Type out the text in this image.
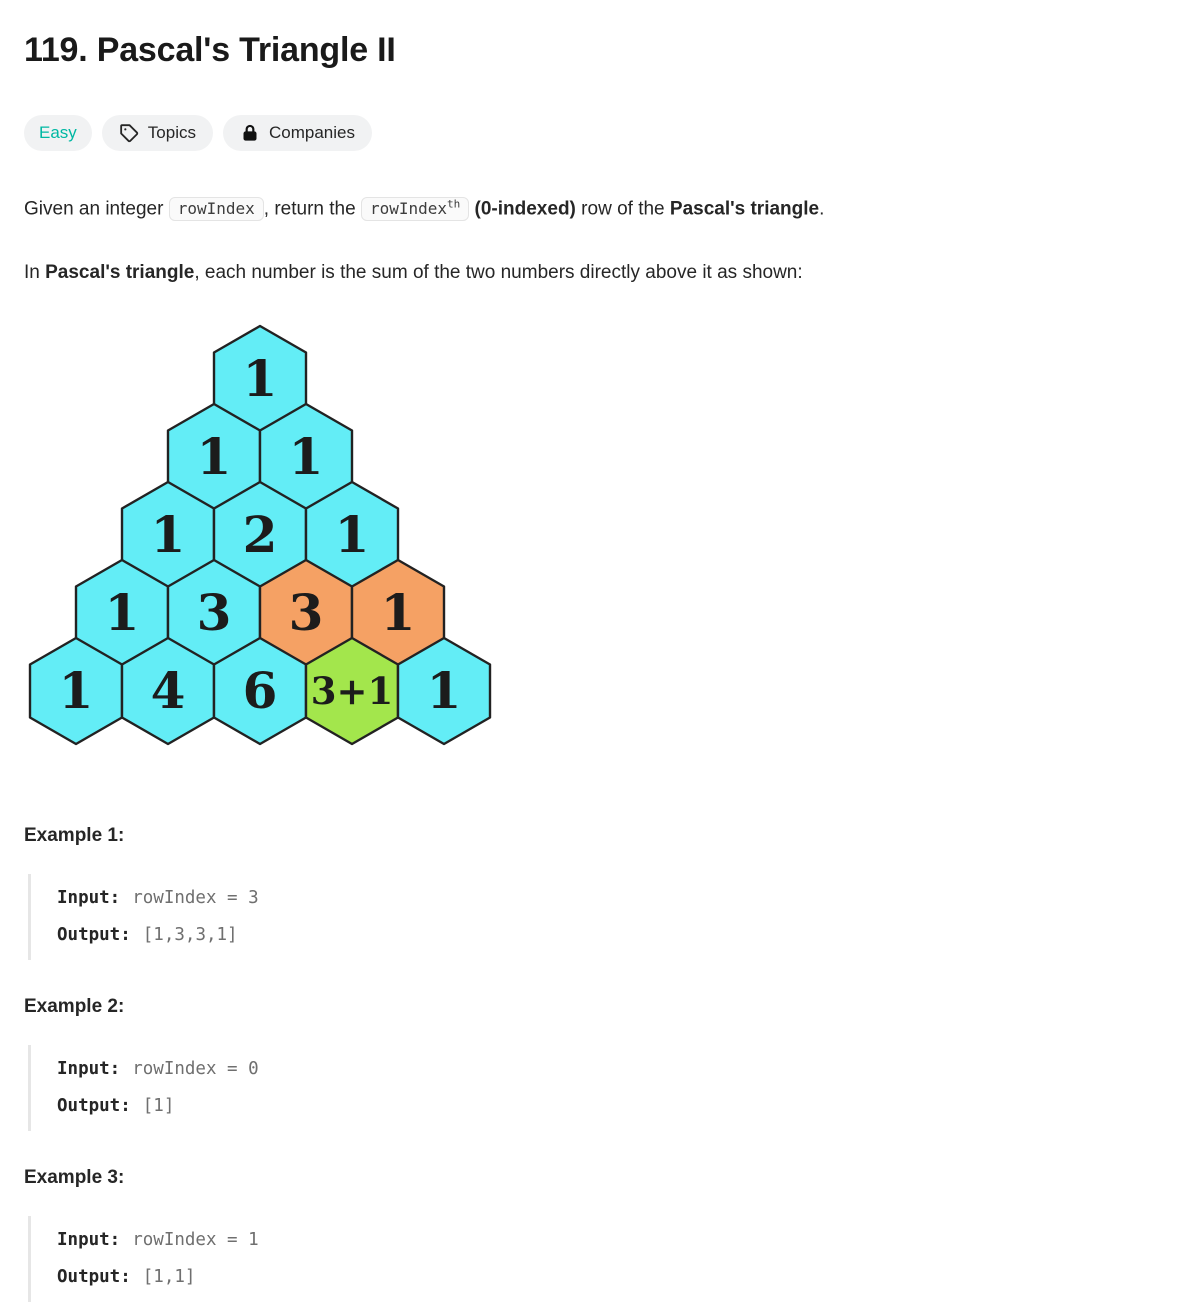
119. Pascal's Triangle II
Easy	Topics	Companies

Given an integer rowIndex , return the rowIndex$^{th}$ (0-indexed) row of the Pascal's triangle.

In Pascal's triangle, each number is the sum of the two numbers directly above it as shown:

1
1 1
1 2 1
1 3 3 1
1 4 6 3+1 1
Example 1:
Input: rowIndex = 3
Output: [1,3,3,1]
Example 2:
Input: rowIndex = 0
Output: [1]
Example 3:
Input: rowIndex = 1
Output: [1,1]
